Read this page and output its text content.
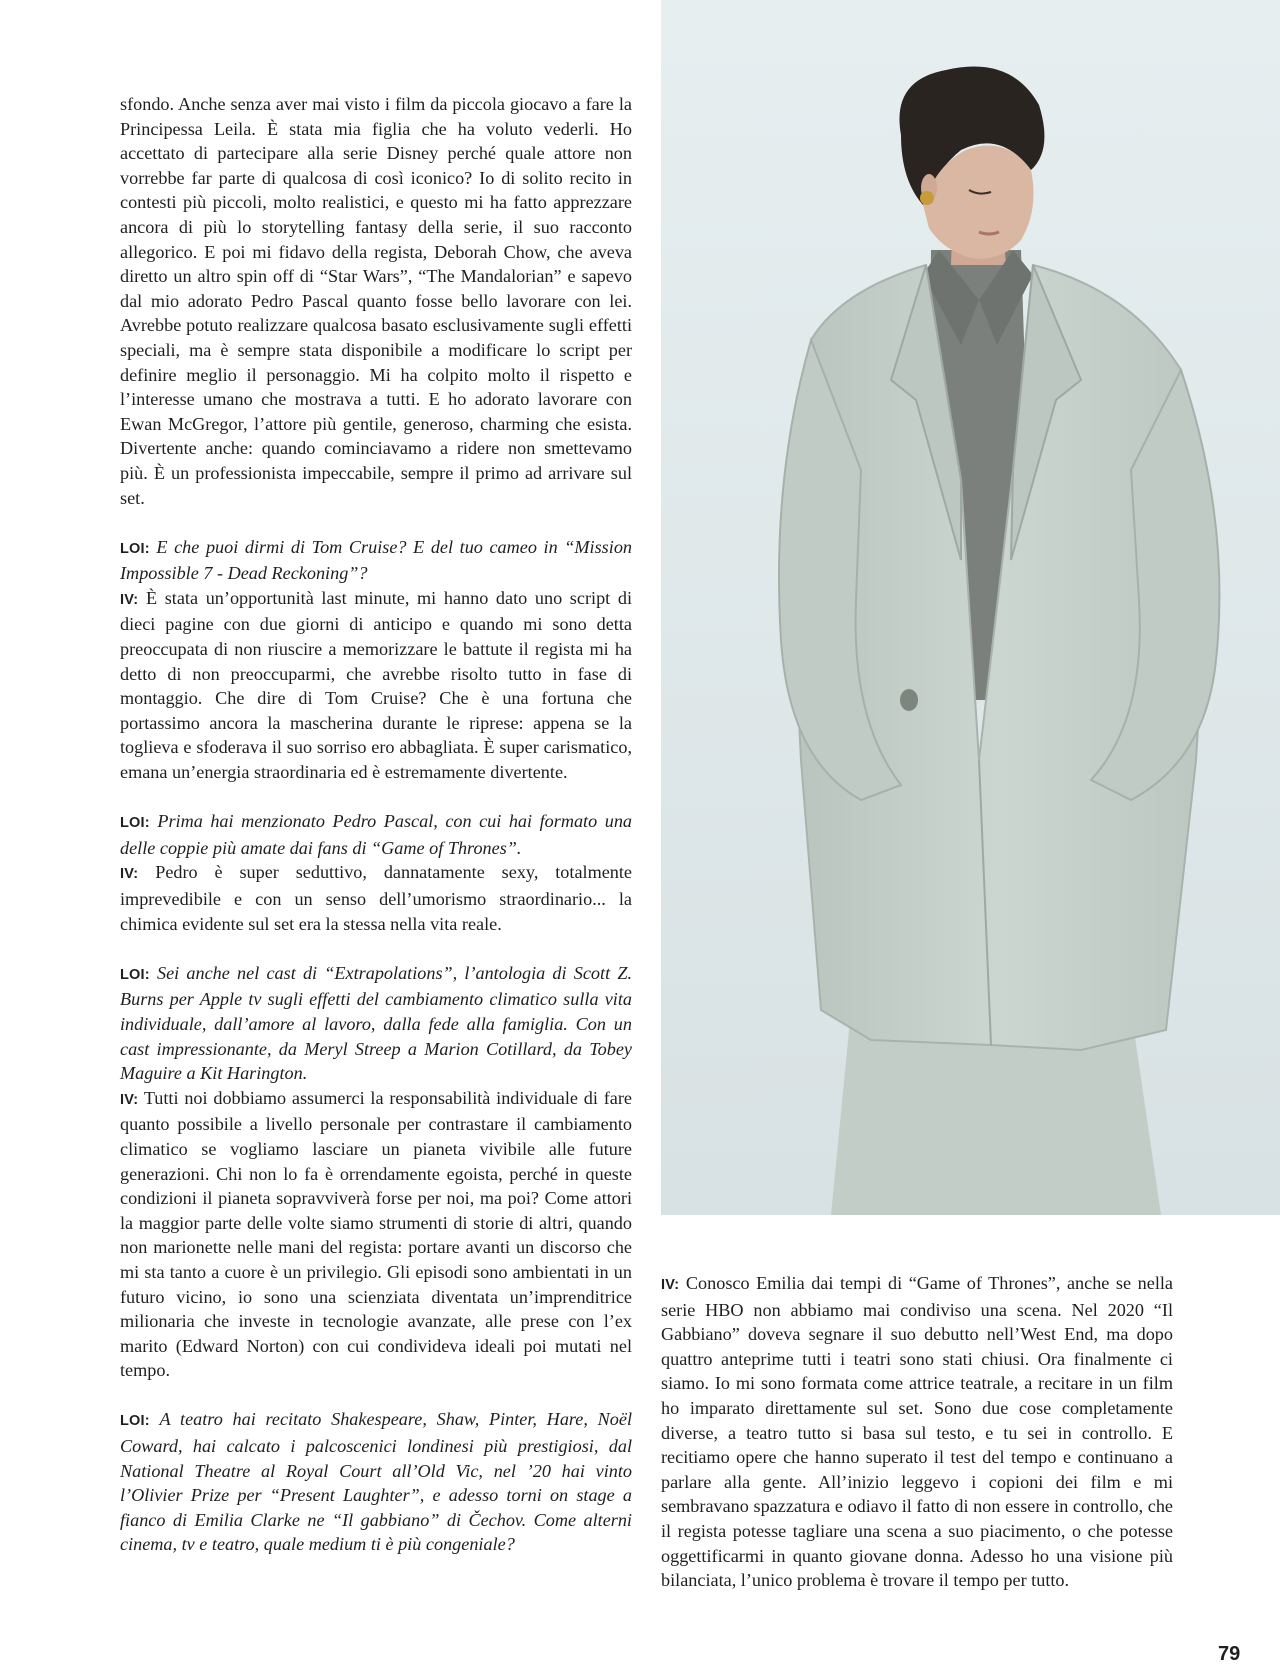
sfondo. Anche senza aver mai visto i film da piccola giocavo a fare la Principessa Leila. È stata mia figlia che ha voluto vederli. Ho accettato di partecipare alla serie Disney perché quale attore non vorrebbe far parte di qualcosa di così iconico? Io di solito recito in contesti più piccoli, molto realistici, e questo mi ha fatto apprezzare ancora di più lo storytelling fantasy della serie, il suo racconto allegorico. E poi mi fidavo della regista, Deborah Chow, che aveva diretto un altro spin off di “Star Wars”, “The Mandalorian” e sapevo dal mio adorato Pedro Pascal quanto fosse bello lavorare con lei. Avrebbe potuto realizzare qualcosa basato esclusivamente sugli effetti speciali, ma è sempre stata disponibile a modificare lo script per definire meglio il personaggio. Mi ha colpito molto il rispetto e l’interesse umano che mostrava a tutti. E ho adorato lavorare con Ewan McGregor, l’attore più gentile, generoso, charming che esista. Divertente anche: quando cominciavamo a ridere non smettevamo più. È un professionista impeccabile, sempre il primo ad arrivare sul set.

LOI: E che puoi dirmi di Tom Cruise? E del tuo cameo in “Mission Impossible 7 - Dead Reckoning”?

IV: È stata un’opportunità last minute, mi hanno dato uno script di dieci pagine con due giorni di anticipo e quando mi sono detta preoccupata di non riuscire a memorizzare le battute il regista mi ha detto di non preoccuparmi, che avrebbe risolto tutto in fase di montaggio. Che dire di Tom Cruise? Che è una fortuna che portassimo ancora la mascherina durante le riprese: appena se la toglieva e sfoderava il suo sorriso ero abbagliata. È super carismatico, emana un’energia straordinaria ed è estremamente divertente.

LOI: Prima hai menzionato Pedro Pascal, con cui hai formato una delle coppie più amate dai fans di “Game of Thrones”.

IV: Pedro è super seduttivo, dannatamente sexy, totalmente imprevedibile e con un senso dell’umorismo straordinario... la chimica evidente sul set era la stessa nella vita reale.

LOI: Sei anche nel cast di “Extrapolations”, l’antologia di Scott Z. Burns per Apple tv sugli effetti del cambiamento climatico sulla vita individuale, dall’amore al lavoro, dalla fede alla famiglia. Con un cast impressionante, da Meryl Streep a Marion Cotillard, da Tobey Maguire a Kit Harington.

IV: Tutti noi dobbiamo assumerci la responsabilità individuale di fare quanto possibile a livello personale per contrastare il cambiamento climatico se vogliamo lasciare un pianeta vivibile alle future generazioni. Chi non lo fa è orrendamente egoista, perché in queste condizioni il pianeta sopravviverà forse per noi, ma poi? Come attori la maggior parte delle volte siamo strumenti di storie di altri, quando non marionette nelle mani del regista: portare avanti un discorso che mi sta tanto a cuore è un privilegio. Gli episodi sono ambientati in un futuro vicino, io sono una scienziata diventata un’imprenditrice milionaria che investe in tecnologie avanzate, alle prese con l’ex marito (Edward Norton) con cui condivideva ideali poi mutati nel tempo.

LOI: A teatro hai recitato Shakespeare, Shaw, Pinter, Hare, Noël Coward, hai calcato i palcoscenici londinesi più prestigiosi, dal National Theatre al Royal Court all’Old Vic, nel ’20 hai vinto l’Olivier Prize per “Present Laughter”, e adesso torni on stage a fianco di Emilia Clarke ne “Il gabbiano” di Čechov. Come alterni cinema, tv e teatro, quale medium ti è più congeniale?

IV: Conosco Emilia dai tempi di “Game of Thrones”, anche se nella serie HBO non abbiamo mai condiviso una scena. Nel 2020 “Il Gabbiano” doveva segnare il suo debutto nell’West End, ma dopo quattro anteprime tutti i teatri sono stati chiusi. Ora finalmente ci siamo. Io mi sono formata come attrice teatrale, a recitare in un film ho imparato direttamente sul set. Sono due cose completamente diverse, a teatro tutto si basa sul testo, e tu sei in controllo. E recitiamo opere che hanno superato il test del tempo e continuano a parlare alla gente. All’inizio leggevo i copioni dei film e mi sembravano spazzatura e odiavo il fatto di non essere in controllo, che il regista potesse tagliare una scena a suo piacimento, o che potesse oggettificarmi in quanto giovane donna. Adesso ho una visione più bilanciata, l’unico problema è trovare il tempo per tutto.

79
